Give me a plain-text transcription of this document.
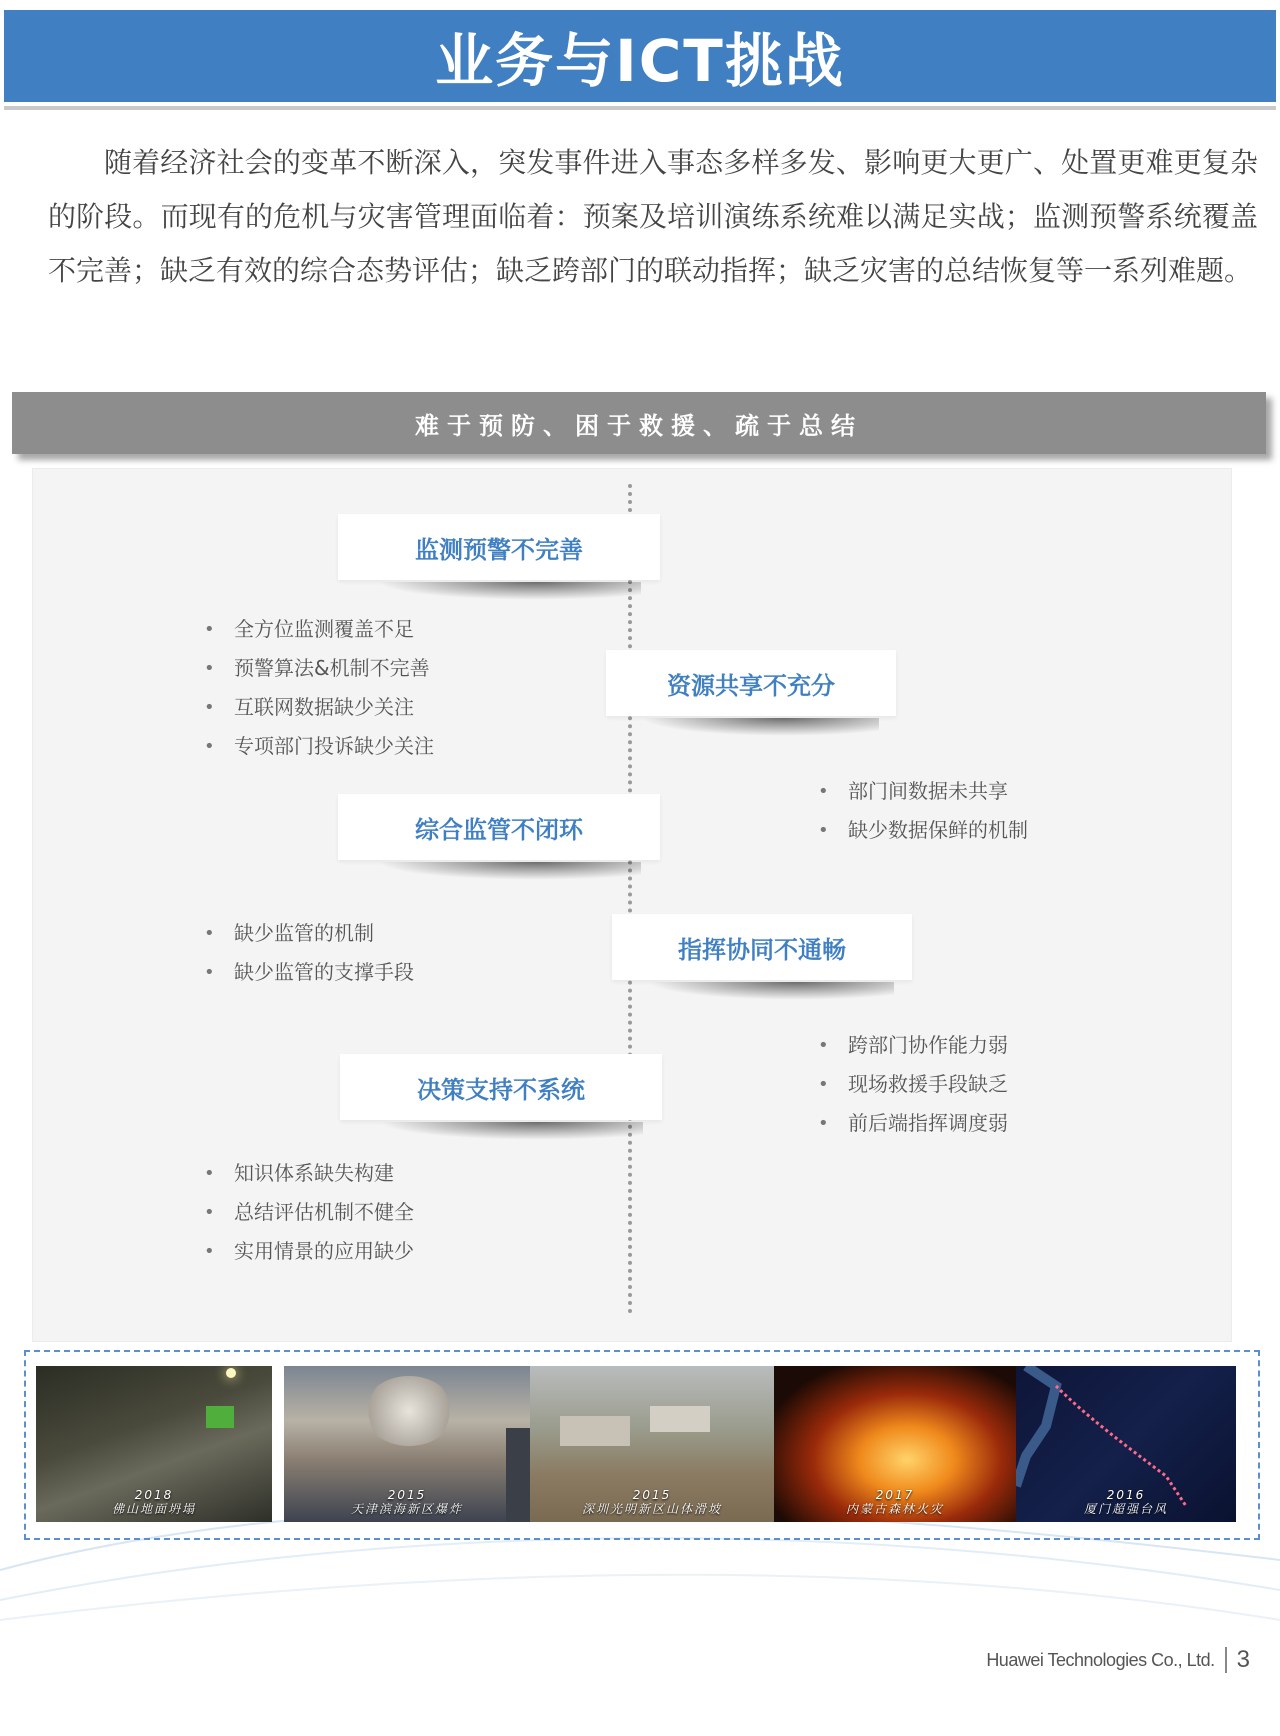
业务与ICT挑战

随着经济社会的变革不断深入，突发事件进入事态多样多发、影响更大更广、处置更难更复杂的阶段。而现有的危机与灾害管理面临着：预案及培训演练系统难以满足实战；监测预警系统覆盖不完善；缺乏有效的综合态势评估；缺乏跨部门的联动指挥；缺乏灾害的总结恢复等一系列难题。

难于预防、困于救援、疏于总结
监测预警不完善
• 全方位监测覆盖不足
• 预警算法&机制不完善
• 互联网数据缺少关注
• 专项部门投诉缺少关注
综合监管不闭环
• 缺少监管的机制
• 缺少监管的支撑手段
决策支持不系统
• 知识体系缺失构建
• 总结评估机制不健全
• 实用情景的应用缺少
资源共享不充分
• 部门间数据未共享
• 缺少数据保鲜的机制
指挥协同不通畅
• 跨部门协作能力弱
• 现场救援手段缺乏
• 前后端指挥调度弱
2018
佛山地面坍塌
2015
天津滨海新区爆炸
2015
深圳光明新区山体滑坡
2017
内蒙古森林火灾
2016
厦门超强台风
Huawei Technologies Co., Ltd. 3
